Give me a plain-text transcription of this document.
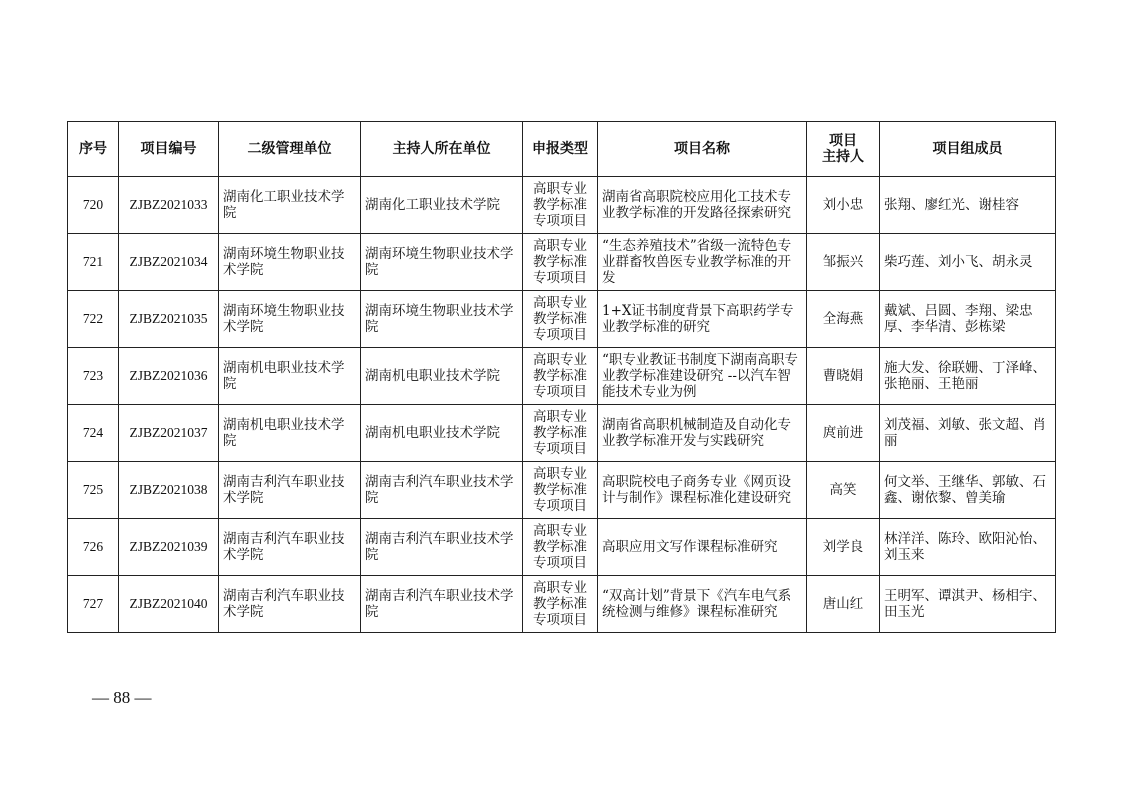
序号	项目编号	二级管理单位	主持人所在单位	申报类型	项目名称	项目
主持人	项目组成员
720	ZJBZ2021033	湖南化工职业技术学院	湖南化工职业技术学院	高职专业教学标准专项项目	湖南省高职院校应用化工技术专业教学标准的开发路径探索研究	刘小忠	张翔、廖红光、谢桂容
721	ZJBZ2021034	湖南环境生物职业技术学院	湖南环境生物职业技术学院	高职专业教学标准专项项目	“生态养殖技术”省级一流特色专业群畜牧兽医专业教学标准的开发	邹振兴	柴巧莲、刘小飞、胡永灵
722	ZJBZ2021035	湖南环境生物职业技术学院	湖南环境生物职业技术学院	高职专业教学标准专项项目	1+X证书制度背景下高职药学专业教学标准的研究	全海燕	戴斌、吕圆、李翔、梁忠厚、李华清、彭栋梁
723	ZJBZ2021036	湖南机电职业技术学院	湖南机电职业技术学院	高职专业教学标准专项项目	“职专业教证书制度下湖南高职专业教学标准建设研究 --以汽车智能技术专业为例	曹晓娟	施大发、徐联姗、丁泽峰、张艳丽、王艳丽
724	ZJBZ2021037	湖南机电职业技术学院	湖南机电职业技术学院	高职专业教学标准专项项目	湖南省高职机械制造及自动化专业教学标准开发与实践研究	庹前进	刘茂福、刘敏、张文超、肖丽
725	ZJBZ2021038	湖南吉利汽车职业技术学院	湖南吉利汽车职业技术学院	高职专业教学标准专项项目	高职院校电子商务专业《网页设计与制作》课程标准化建设研究	高笑	何文举、王继华、郭敏、石鑫、谢依黎、曾美瑜
726	ZJBZ2021039	湖南吉利汽车职业技术学院	湖南吉利汽车职业技术学院	高职专业教学标准专项项目	高职应用文写作课程标准研究	刘学良	林洋洋、陈玲、欧阳沁怡、刘玉来
727	ZJBZ2021040	湖南吉利汽车职业技术学院	湖南吉利汽车职业技术学院	高职专业教学标准专项项目	“双高计划”背景下《汽车电气系统检测与维修》课程标准研究	唐山红	王明军、谭淇尹、杨相宇、田玉光
— 88 —
